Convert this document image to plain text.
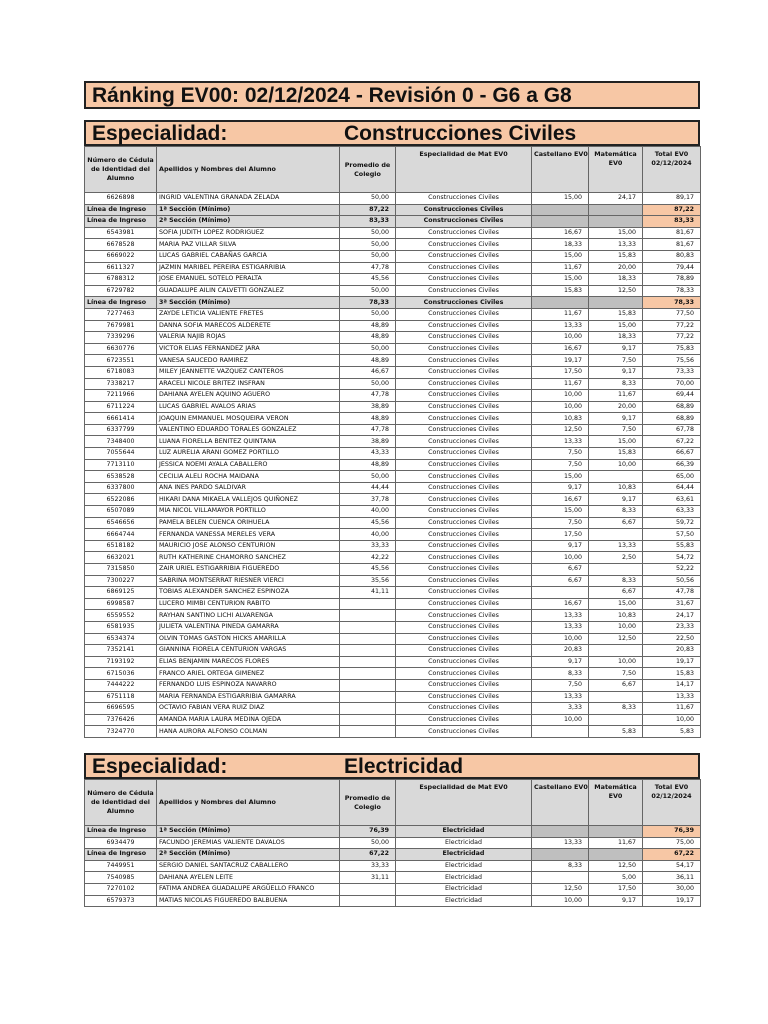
Ránking EV00: 02/12/2024 - Revisión 0 - G6 a G8
Especialidad:	Construcciones Civiles
Número de Cédula de Identidad del Alumno	Apellidos y Nombres del Alumno	Promedio de Colegio	Especialidad de Mat EV0	Castellano EV0	Matemática EV0	Total EV0 02/12/2024
6626898	INGRID VALENTINA GRANADA ZELADA	50,00	Construcciones Civiles	15,00	24,17	89,17
Línea de Ingreso	1ª Sección (Mínimo)	87,22	Construcciones Civiles			87,22
Línea de Ingreso	2ª Sección (Mínimo)	83,33	Construcciones Civiles			83,33
6543981	SOFIA JUDITH LOPEZ RODRIGUEZ	50,00	Construcciones Civiles	16,67	15,00	81,67
6678528	MARIA PAZ VILLAR SILVA	50,00	Construcciones Civiles	18,33	13,33	81,67
6669022	LUCAS GABRIEL CABAÑAS GARCIA	50,00	Construcciones Civiles	15,00	15,83	80,83
6611327	JAZMIN MARIBEL PEREIRA ESTIGARRIBIA	47,78	Construcciones Civiles	11,67	20,00	79,44
6788312	JOSE EMANUEL SOTELO PERALTA	45,56	Construcciones Civiles	15,00	18,33	78,89
6729782	GUADALUPE AILIN CALVETTI GONZALEZ	50,00	Construcciones Civiles	15,83	12,50	78,33
Línea de Ingreso	3ª Sección (Mínimo)	78,33	Construcciones Civiles			78,33
7277463	ZAYDE LETICIA VALIENTE FRETES	50,00	Construcciones Civiles	11,67	15,83	77,50
7679981	DANNA SOFIA MARECOS ALDERETE	48,89	Construcciones Civiles	13,33	15,00	77,22
7339296	VALERIA NAJIB ROJAS	48,89	Construcciones Civiles	10,00	18,33	77,22
6630776	VICTOR ELIAS FERNANDEZ JARA	50,00	Construcciones Civiles	16,67	9,17	75,83
6723551	VANESA SAUCEDO RAMIREZ	48,89	Construcciones Civiles	19,17	7,50	75,56
6718083	MILEY JEANNETTE VAZQUEZ CANTEROS	46,67	Construcciones Civiles	17,50	9,17	73,33
7338217	ARACELI NICOLE BRITEZ INSFRAN	50,00	Construcciones Civiles	11,67	8,33	70,00
7211966	DAHIANA AYELEN AQUINO AGUERO	47,78	Construcciones Civiles	10,00	11,67	69,44
6711224	LUCAS GABRIEL AVALOS ARIAS	38,89	Construcciones Civiles	10,00	20,00	68,89
6661414	JOAQUIN EMMANUEL MOSQUEIRA VERON	48,89	Construcciones Civiles	10,83	9,17	68,89
6337799	VALENTINO EDUARDO TORALES GONZALEZ	47,78	Construcciones Civiles	12,50	7,50	67,78
7348400	LUANA FIORELLA BENITEZ QUINTANA	38,89	Construcciones Civiles	13,33	15,00	67,22
7055644	LUZ AURELIA ARANI GOMEZ PORTILLO	43,33	Construcciones Civiles	7,50	15,83	66,67
7713110	JESSICA NOEMI AYALA CABALLERO	48,89	Construcciones Civiles	7,50	10,00	66,39
6538528	CECILIA ALELI ROCHA MAIDANA	50,00	Construcciones Civiles	15,00		65,00
6337800	ANA INES PARDO SALDIVAR	44,44	Construcciones Civiles	9,17	10,83	64,44
6522086	HIKARI DANA MIKAELA VALLEJOS QUIÑONEZ	37,78	Construcciones Civiles	16,67	9,17	63,61
6507089	MIA NICOL VILLAMAYOR PORTILLO	40,00	Construcciones Civiles	15,00	8,33	63,33
6546656	PAMELA BELEN CUENCA ORIHUELA	45,56	Construcciones Civiles	7,50	6,67	59,72
6664744	FERNANDA VANESSA MERELES VERA	40,00	Construcciones Civiles	17,50		57,50
6518182	MAURICIO JOSE ALONSO CENTURION	33,33	Construcciones Civiles	9,17	13,33	55,83
6632021	RUTH KATHERINE CHAMORRO SANCHEZ	42,22	Construcciones Civiles	10,00	2,50	54,72
7315850	ZAIR URIEL ESTIGARRIBIA FIGUEREDO	45,56	Construcciones Civiles	6,67		52,22
7300227	SABRINA MONTSERRAT RIESNER VIERCI	35,56	Construcciones Civiles	6,67	8,33	50,56
6869125	TOBIAS ALEXANDER SANCHEZ ESPINOZA	41,11	Construcciones Civiles		6,67	47,78
6998587	LUCERO MIMBI CENTURION RABITO		Construcciones Civiles	16,67	15,00	31,67
6559552	RAYHAN SANTINO LICHI ALVARENGA		Construcciones Civiles	13,33	10,83	24,17
6581935	JULIETA VALENTINA PINEDA GAMARRA		Construcciones Civiles	13,33	10,00	23,33
6534374	OLVIN TOMAS GASTON HICKS AMARILLA		Construcciones Civiles	10,00	12,50	22,50
7352141	GIANNINA FIORELA CENTURION VARGAS		Construcciones Civiles	20,83		20,83
7193192	ELIAS BENJAMIN MARECOS FLORES		Construcciones Civiles	9,17	10,00	19,17
6715036	FRANCO ARIEL ORTEGA GIMENEZ		Construcciones Civiles	8,33	7,50	15,83
7444222	FERNANDO LUIS ESPINOZA NAVARRO		Construcciones Civiles	7,50	6,67	14,17
6751118	MARIA FERNANDA ESTIGARRIBIA GAMARRA		Construcciones Civiles	13,33		13,33
6696595	OCTAVIO FABIAN VERA RUIZ DIAZ		Construcciones Civiles	3,33	8,33	11,67
7376426	AMANDA MARIA LAURA MEDINA OJEDA		Construcciones Civiles	10,00		10,00
7324770	HANA AURORA ALFONSO COLMAN		Construcciones Civiles		5,83	5,83
Especialidad:	Electricidad
Número de Cédula de Identidad del Alumno	Apellidos y Nombres del Alumno	Promedio de Colegio	Especialidad de Mat EV0	Castellano EV0	Matemática EV0	Total EV0 02/12/2024
Línea de Ingreso	1ª Sección (Mínimo)	76,39	Electricidad			76,39
6934479	FACUNDO JEREMIAS VALIENTE DAVALOS	50,00	Electricidad	13,33	11,67	75,00
Línea de Ingreso	2ª Sección (Mínimo)	67,22	Electricidad			67,22
7449951	SERGIO DANIEL SANTACRUZ CABALLERO	33,33	Electricidad	8,33	12,50	54,17
7540985	DAHIANA AYELEN LEITE	31,11	Electricidad		5,00	36,11
7270102	FATIMA ANDREA GUADALUPE ARGÜELLO FRANCO		Electricidad	12,50	17,50	30,00
6579373	MATIAS NICOLAS FIGUEREDO BALBUENA		Electricidad	10,00	9,17	19,17
